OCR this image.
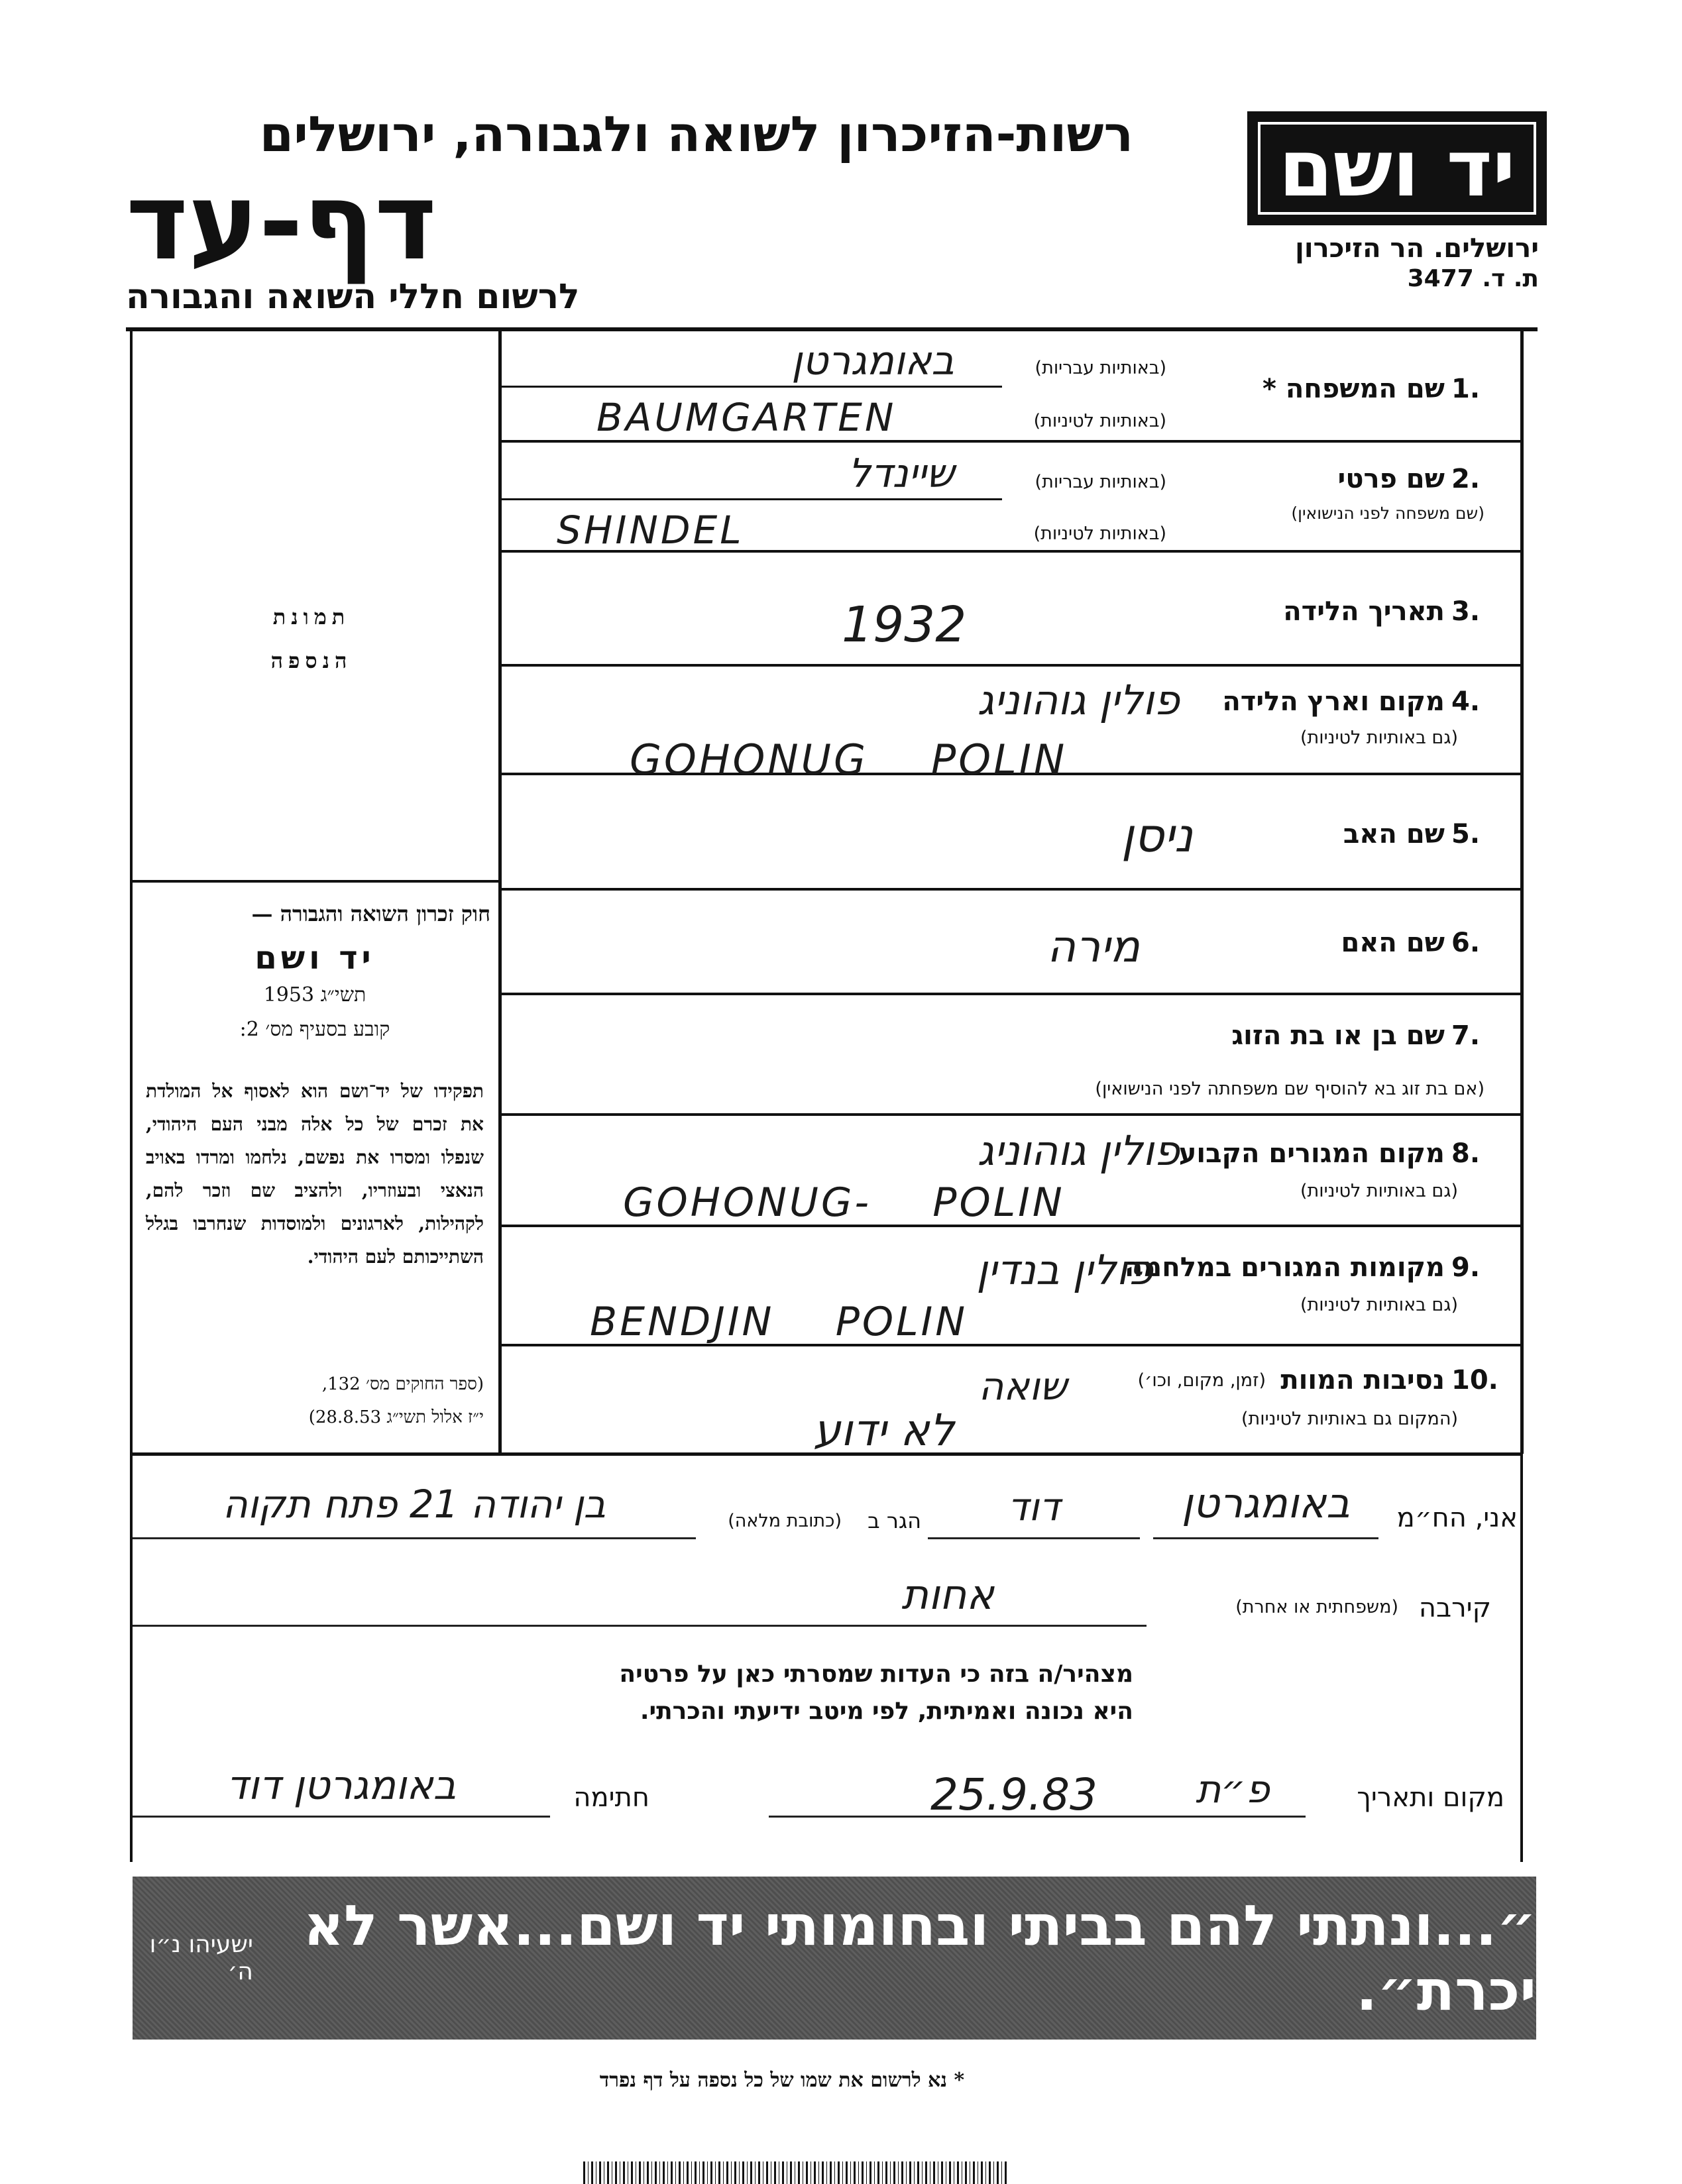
יד ושם
ירושלים. הר הזיכרון
ת. ד. 3477
רשות-הזיכרון לשואה ולגבורה, ירושלים
דף-עד
לרשום חללי השואה והגבורה
1.
שם המשפחה *
(באותיות עבריות)
באומגרטן
(באותיות לטיניות)
BAUMGARTEN
2.
שם פרטי
(שם משפחה לפני הנישואין)
(באותיות עבריות)
שיינדל
(באותיות לטיניות)
SHINDEL
3.
תאריך הלידה
1932
4.
מקום וארץ הלידה
(גם באותיות לטיניות)
פולין גוהוניג
GOHONUG    POLIN
5.
שם האב
ניסן
6.
שם האם
מירה
7.
שם בן או בת הזוג
(אם בת זוג בא להוסיף שם משפחתה לפני הנישואין)
8.
מקום המגורים הקבוע
(גם באותיות לטיניות)
פולין גוהוניג
GOHONUG-    POLIN
9.
מקומות המגורים במלחמה
(גם באותיות לטיניות)
פולין בנדין
BENDJIN    POLIN
10.
נסיבות המוות
(זמן, מקום, וכו׳)
(המקום גם באותיות לטיניות)
שואה
לא ידוע
תמונת
הנספה
חוק זכרון השואה והגבורה —
יד ושם
תשי״ג 1953
קובע בסעיף מס׳ 2:
תפקידו של יד־ושם הוא לאסוף אל המולדת את זכרם של כל אלה מבני העם היהודי, שנפלו ומסרו את נפשם, נלחמו ומרדו באויב הנאצי ובעוזריו, ולהציב שם וזכר להם, לקהילות, לארגונים ולמוסדות שנחרבו בגלל השתייכותם לעם היהודי.
(ספר החוקים מס׳ 132,
י״ז אלול תשי״ג 28.8.53)
אני, הח״מ
באומגרטן
דוד
הגר ב
(כתובת מלאה)
בן יהודה 21 פתח תקוה
קירבה
(משפחתית או אחרת)
אחות
מצהיר/ה בזה כי העדות שמסרתי כאן על פרטיה
היא נכונה ואמיתית, לפי מיטב ידיעתי והכרתי.
מקום ותאריך
פ״ת
25.9.83
חתימה
באומגרטן דוד
ישעיהו נ״ו ה׳
״...ונתתי להם בביתי ובחומותי יד ושם...אשר לא יכרת״.
* נא לרשום את שמו של כל נספה על דף נפרד
